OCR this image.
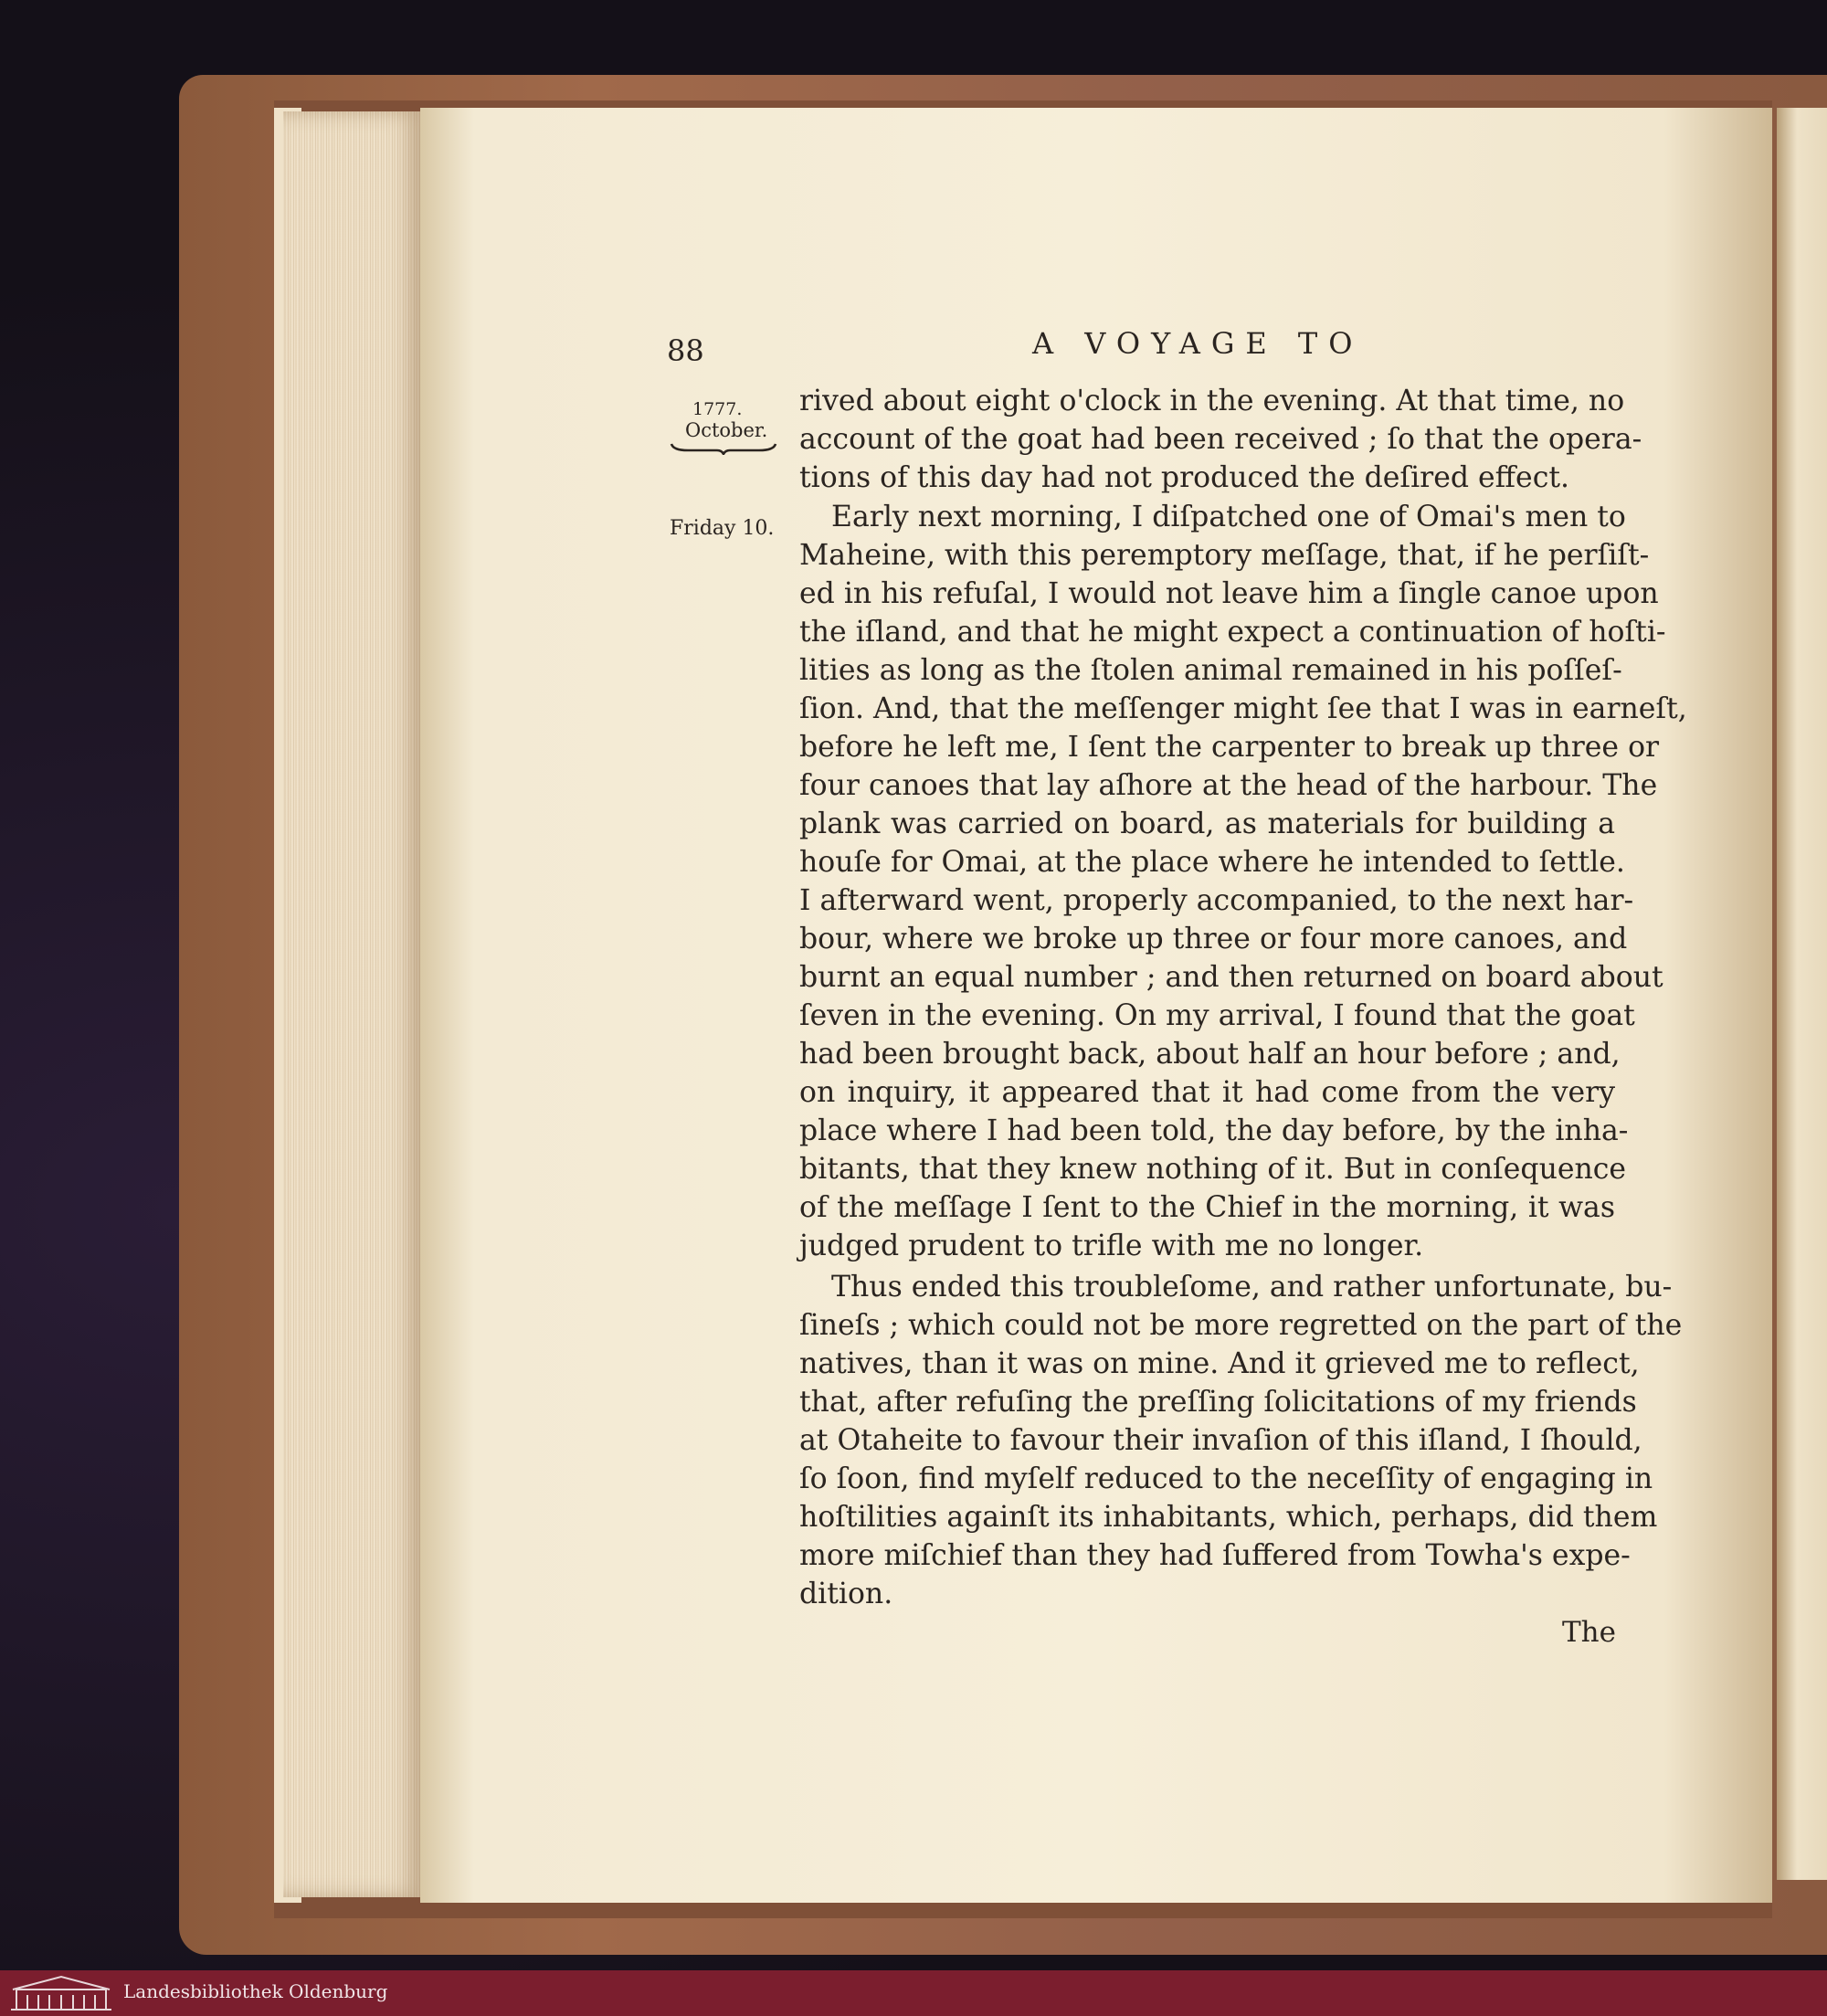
88	A VOYAGE TO
1777.
October.
Friday 10.
rived about eight o'clock in the evening. At that time, no
account of the goat had been received ; ſo that the opera-
tions of this day had not produced the deſired effect.
Early next morning, I diſpatched one of Omai's men to
Maheine, with this peremptory meſſage, that, if he perſiſt-
ed in his refuſal, I would not leave him a ſingle canoe upon
the iſland, and that he might expect a continuation of hoſti-
lities as long as the ſtolen animal remained in his poſſeſ-
ſion. And, that the meſſenger might ſee that I was in earneſt,
before he left me, I ſent the carpenter to break up three or
four canoes that lay aſhore at the head of the harbour. The
plank was carried on board, as materials for building a
houſe for Omai, at the place where he intended to ſettle.
I afterward went, properly accompanied, to the next har-
bour, where we broke up three or four more canoes, and
burnt an equal number ; and then returned on board about
ſeven in the evening. On my arrival, I found that the goat
had been brought back, about half an hour before ; and,
on inquiry, it appeared that it had come from the very
place where I had been told, the day before, by the inha-
bitants, that they knew nothing of it. But in conſequence
of the meſſage I ſent to the Chief in the morning, it was
judged prudent to trifle with me no longer.
Thus ended this troubleſome, and rather unfortunate, bu-
ſineſs ; which could not be more regretted on the part of the
natives, than it was on mine. And it grieved me to reflect,
that, after refuſing the preſſing ſolicitations of my friends
at Otaheite to favour their invaſion of this iſland, I ſhould,
ſo ſoon, find myſelf reduced to the neceſſity of engaging in
hoſtilities againſt its inhabitants, which, perhaps, did them
more miſchief than they had ſuffered from Towha's expe-
dition.
The
Landesbibliothek Oldenburg
